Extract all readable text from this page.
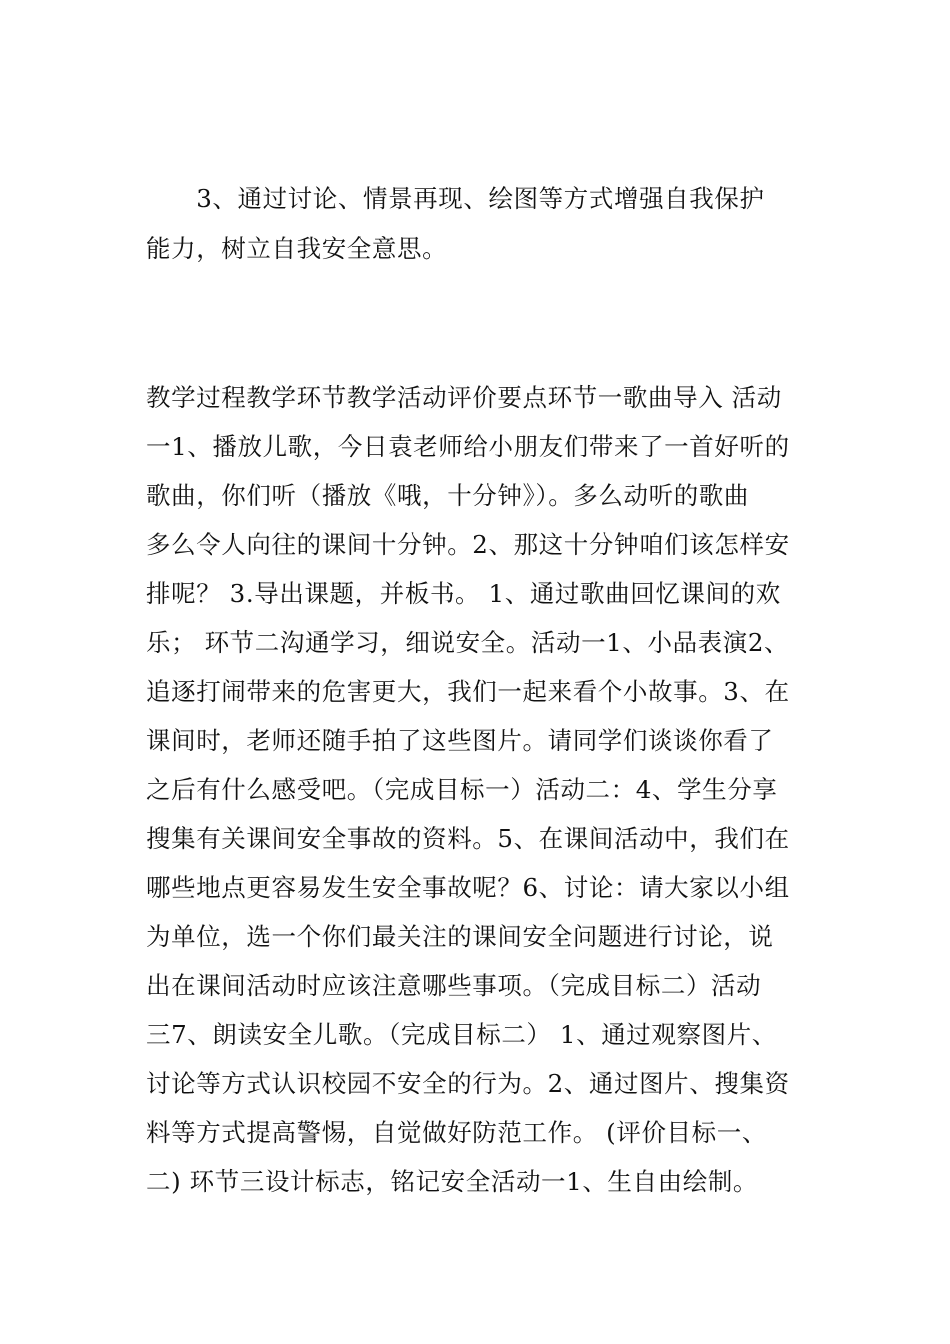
　　3、通过讨论、情景再现、绘图等方式增强自我保护
能力，树立自我安全意思。
教学过程教学环节教学活动评价要点环节一歌曲导入 活动
一1、播放儿歌，今日袁老师给小朋友们带来了一首好听的
歌曲，你们听（播放《哦，十分钟》）。多么动听的歌曲
多么令人向往的课间十分钟。2、那这十分钟咱们该怎样安
排呢？ 3.导出课题，并板书。 1、通过歌曲回忆课间的欢
乐； 环节二沟通学习，细说安全。活动一1、小品表演2、
追逐打闹带来的危害更大，我们一起来看个小故事。3、在
课间时，老师还随手拍了这些图片。请同学们谈谈你看了
之后有什么感受吧。（完成目标一）活动二：4、学生分享
搜集有关课间安全事故的资料。5、在课间活动中，我们在
哪些地点更容易发生安全事故呢？6、讨论：请大家以小组
为单位，选一个你们最关注的课间安全问题进行讨论，说
出在课间活动时应该注意哪些事项。（完成目标二）活动
三7、朗读安全儿歌。（完成目标二） 1、通过观察图片、
讨论等方式认识校园不安全的行为。2、通过图片、搜集资
料等方式提高警惕，自觉做好防范工作。 (评价目标一、
二) 环节三设计标志，铭记安全活动一1、生自由绘制。
